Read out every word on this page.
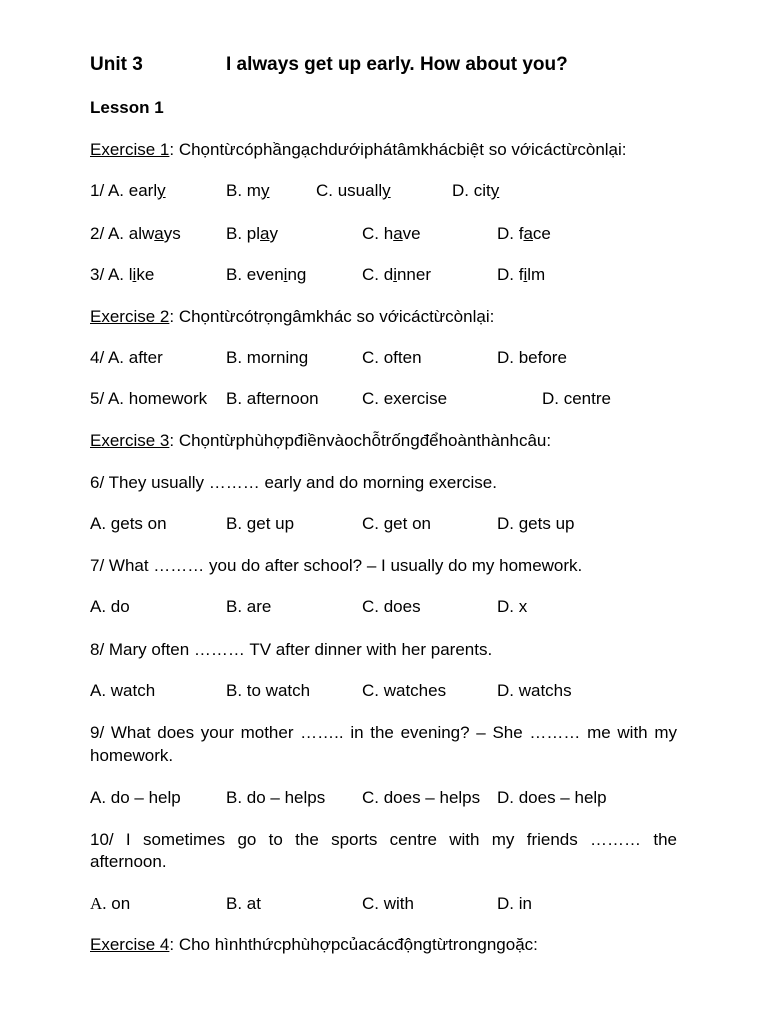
Unit 3	I always get up early. How about you?
Lesson 1
Exercise 1: Chọntừcóphầngạchdướiphátâmkhácbiệt so vớicáctừcònlại:
1/ A. early	B. my	C. usually	D. city
2/ A. always	B. play	C. have	D. face
3/ A. like	B. evening	C. dinner	D. film
Exercise 2: Chọntừcótrọngâmkhác so vớicáctừcònlại:
4/ A. after	B. morning	C. often	D. before
5/ A. homework B. afternoon	C. exercise	D. centre
Exercise 3: Chọntừphùhợpđiềnvàochỗtrốngđểhoànthànhcâu:
6/ They usually ……… early and do morning exercise.
A. gets on	B. get up	C. get on	D. gets up
7/ What ……… you do after school? – I usually do my homework.
A. do	B. are	C. does	D. x
8/ Mary often ……… TV after dinner with her parents.
A. watch	B. to watch	C. watches	D. watchs
9/ What does your mother …….. in the evening? – She ……… me with my
homework.
A. do – help	B. do – helps C. does – helps D. does – help
10/ I sometimes go to the sports centre with my friends ……… the
afternoon.
A. on	B. at	C. with	D. in
Exercise 4: Cho hìnhthứcphùhợpcủacácđộngtừtrongngoặc:
